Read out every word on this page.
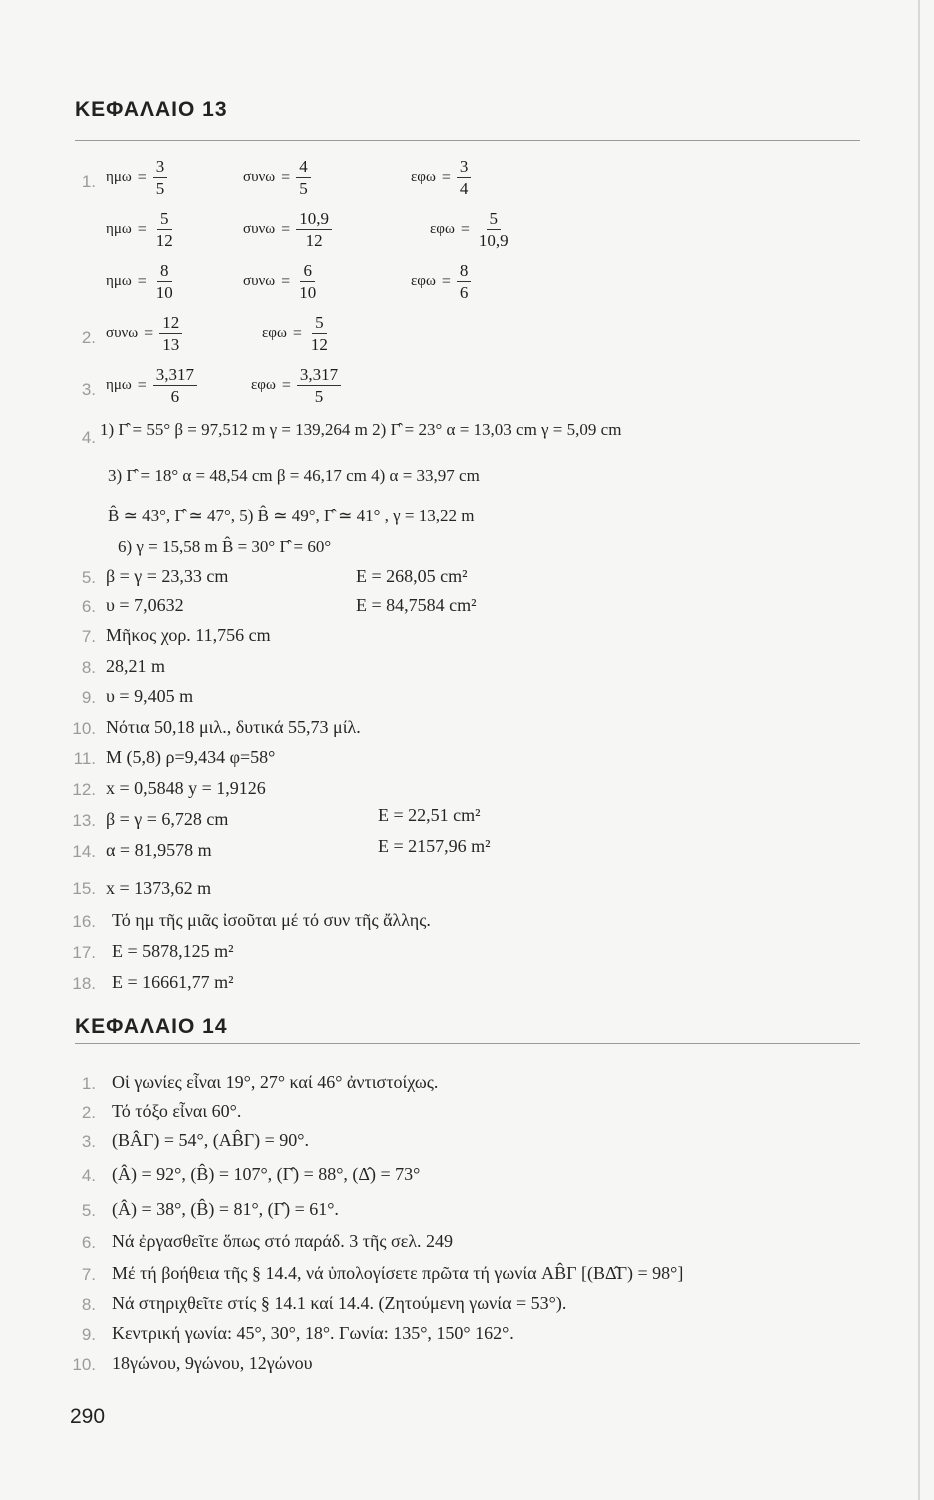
ΚΕΦΑΛΑΙΟ 13
1. $\eta\mu\omega = \frac{3}{5}$	$\sigma\upsilon\nu\omega = \frac{4}{5}$	$\varepsilon\varphi\omega = \frac{3}{4}$
$\eta\mu\omega = \frac{5}{12}$	$\sigma\upsilon\nu\omega = \frac{10,9}{12}$	$\varepsilon\varphi\omega = \frac{5}{10,9}$
$\eta\mu\omega = \frac{8}{10}$	$\sigma\upsilon\nu\omega = \frac{6}{10}$	$\varepsilon\varphi\omega = \frac{8}{6}$
2. $\sigma\upsilon\nu\omega = \frac{12}{13}$	$\varepsilon\varphi\omega = \frac{5}{12}$
3. $\eta\mu\omega = \frac{3,317}{6}$	$\varepsilon\varphi\omega = \frac{3,317}{5}$
4. 1) Γ̂ = 55° β = 97,512 m γ = 139,264 m 2) Γ̂ = 23° α = 13,03 cm γ = 5,09 cm
3) Γ̂ = 18° α = 48,54 cm β = 46,17 cm 4) α = 33,97 cm
B̂ ≃ 43°, Γ̂ ≃ 47°, 5) B̂ ≃ 49°, Γ̂ ≃ 41° , γ = 13,22 m
6) γ = 15,58 m B̂ = 30° Γ̂ = 60°
5. β = γ = 23,33 cm	E = 268,05 cm²
6. υ = 7,0632	E = 84,7584 cm²
7. Μῆκος χορ. 11,756 cm
8. 28,21 m
9. υ = 9,405 m
10. Νότια 50,18 μιλ., δυτικά 55,73 μίλ.
11. M (5,8) ρ=9,434 φ=58°
12. x = 0,5848 y = 1,9126
13. β = γ = 6,728 cm	E = 22,51 cm²
14. α = 81,9578 m	E = 2157,96 m²
15. x = 1373,62 m
16. Τό ημ τῆς μιᾶς ἰσοῦται μέ τό συν τῆς ἄλλης.
17. E = 5878,125 m²
18. E = 16661,77 m²
ΚΕΦΑΛΑΙΟ 14
1. Οἱ γωνίες εἶναι 19°, 27° καί 46° ἀντιστοίχως.
2. Τό τόξο εἶναι 60°.
3. (BÂΓ) = 54°, (AB̂Γ) = 90°.
4. (Â) = 92°, (B̂) = 107°, (Γ̂) = 88°, (Δ̂) = 73°
5. (Â) = 38°, (B̂) = 81°, (Γ̂) = 61°.
6. Νά ἐργασθεῖτε ὅπως στό παράδ. 3 τῆς σελ. 249
7. Μέ τή βοήθεια τῆς § 14.4, νά ὑπολογίσετε πρῶτα τή γωνία AB̂Γ [(BΔ̂Γ) = 98°]
8. Νά στηριχθεῖτε στίς § 14.1 καί 14.4. (Ζητούμενη γωνία = 53°).
9. Κεντρική γωνία: 45°, 30°, 18°. Γωνία: 135°, 150° 162°.
10. 18γώνου, 9γώνου, 12γώνου
290
